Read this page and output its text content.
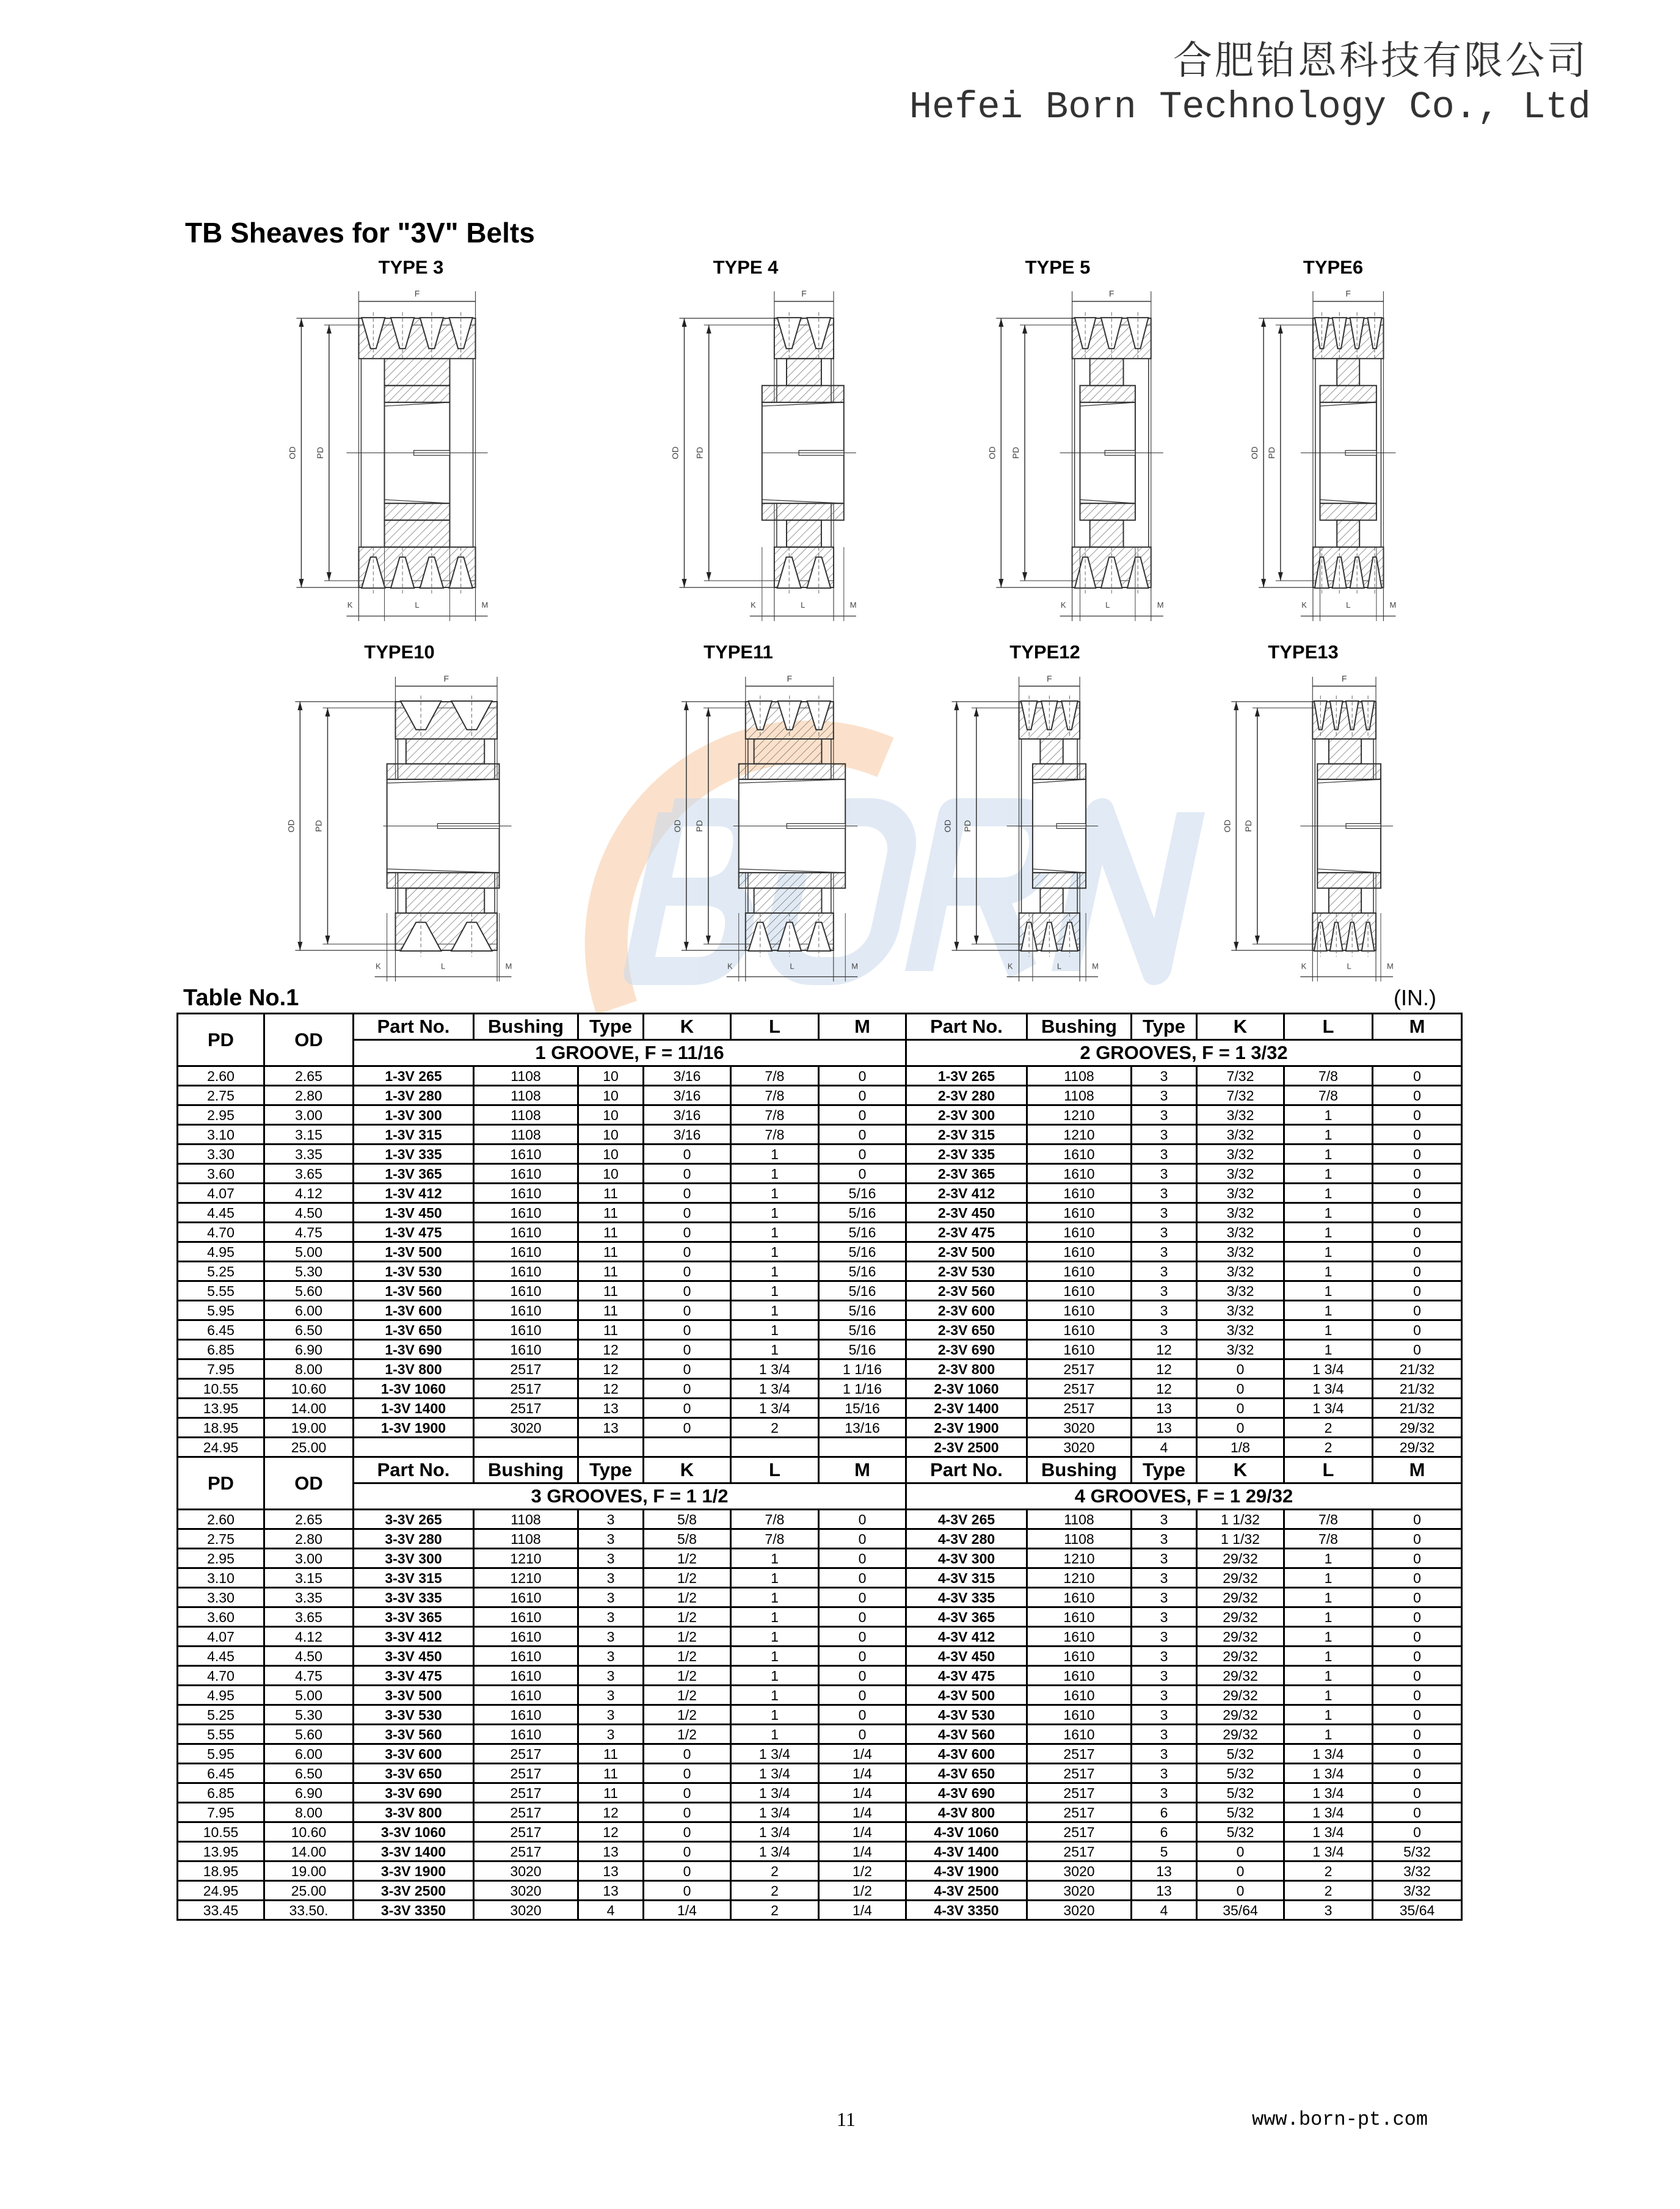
合肥铂恩科技有限公司
Hefei Born Technology Co., Ltd
TB Sheaves for "3V" Belts
TYPE 3	TYPE 4	TYPE 5	TYPE6
TYPE10	TYPE11	TYPE12	TYPE13
F
OD PD
K	L	M
F
OD PD
K	L	M
F
OD PD
K	L	M
F
OD PD
K	L	M
F
OD PD
K	L	M
F
OD PD
K	L	M
F
OD PD
K	L	M
F
OD PD
K	L	M
Table No.1	(IN.)
PD	OD	Part No.	Bushing	Type	K	L	M	Part No.	Bushing	Type	K	L	M
		1 GROOVE, F = 11/16						2 GROOVES, F = 1 3/32					
2.60	2.65	1-3V 265	1108	10	3/16	7/8	0	1-3V 265	1108	3	7/32	7/8	0
2.75	2.80	1-3V 280	1108	10	3/16	7/8	0	2-3V 280	1108	3	7/32	7/8	0
2.95	3.00	1-3V 300	1108	10	3/16	7/8	0	2-3V 300	1210	3	3/32	1	0
3.10	3.15	1-3V 315	1108	10	3/16	7/8	0	2-3V 315	1210	3	3/32	1	0
3.30	3.35	1-3V 335	1610	10	0	1	0	2-3V 335	1610	3	3/32	1	0
3.60	3.65	1-3V 365	1610	10	0	1	0	2-3V 365	1610	3	3/32	1	0
4.07	4.12	1-3V 412	1610	11	0	1	5/16	2-3V 412	1610	3	3/32	1	0
4.45	4.50	1-3V 450	1610	11	0	1	5/16	2-3V 450	1610	3	3/32	1	0
4.70	4.75	1-3V 475	1610	11	0	1	5/16	2-3V 475	1610	3	3/32	1	0
4.95	5.00	1-3V 500	1610	11	0	1	5/16	2-3V 500	1610	3	3/32	1	0
5.25	5.30	1-3V 530	1610	11	0	1	5/16	2-3V 530	1610	3	3/32	1	0
5.55	5.60	1-3V 560	1610	11	0	1	5/16	2-3V 560	1610	3	3/32	1	0
5.95	6.00	1-3V 600	1610	11	0	1	5/16	2-3V 600	1610	3	3/32	1	0
6.45	6.50	1-3V 650	1610	11	0	1	5/16	2-3V 650	1610	3	3/32	1	0
6.85	6.90	1-3V 690	1610	12	0	1	5/16	2-3V 690	1610	12	3/32	1	0
7.95	8.00	1-3V 800	2517	12	0	1 3/4	1 1/16	2-3V 800	2517	12	0	1 3/4	21/32
10.55	10.60	1-3V 1060	2517	12	0	1 3/4	1 1/16	2-3V 1060	2517	12	0	1 3/4	21/32
13.95	14.00	1-3V 1400	2517	13	0	1 3/4	15/16	2-3V 1400	2517	13	0	1 3/4	21/32
18.95	19.00	1-3V 1900	3020	13	0	2	13/16	2-3V 1900	3020	13	0	2	29/32
24.95	25.00							2-3V 2500	3020	4	1/8	2	29/32
PD	OD	Part No.	Bushing	Type	K	L	M	Part No.	Bushing	Type	K	L	M
		3 GROOVES, F = 1 1/2						4 GROOVES, F = 1 29/32					
2.60	2.65	3-3V 265	1108	3	5/8	7/8	0	4-3V 265	1108	3	1 1/32	7/8	0
2.75	2.80	3-3V 280	1108	3	5/8	7/8	0	4-3V 280	1108	3	1 1/32	7/8	0
2.95	3.00	3-3V 300	1210	3	1/2	1	0	4-3V 300	1210	3	29/32	1	0
3.10	3.15	3-3V 315	1210	3	1/2	1	0	4-3V 315	1210	3	29/32	1	0
3.30	3.35	3-3V 335	1610	3	1/2	1	0	4-3V 335	1610	3	29/32	1	0
3.60	3.65	3-3V 365	1610	3	1/2	1	0	4-3V 365	1610	3	29/32	1	0
4.07	4.12	3-3V 412	1610	3	1/2	1	0	4-3V 412	1610	3	29/32	1	0
4.45	4.50	3-3V 450	1610	3	1/2	1	0	4-3V 450	1610	3	29/32	1	0
4.70	4.75	3-3V 475	1610	3	1/2	1	0	4-3V 475	1610	3	29/32	1	0
4.95	5.00	3-3V 500	1610	3	1/2	1	0	4-3V 500	1610	3	29/32	1	0
5.25	5.30	3-3V 530	1610	3	1/2	1	0	4-3V 530	1610	3	29/32	1	0
5.55	5.60	3-3V 560	1610	3	1/2	1	0	4-3V 560	1610	3	29/32	1	0
5.95	6.00	3-3V 600	2517	11	0	1 3/4	1/4	4-3V 600	2517	3	5/32	1 3/4	0
6.45	6.50	3-3V 650	2517	11	0	1 3/4	1/4	4-3V 650	2517	3	5/32	1 3/4	0
6.85	6.90	3-3V 690	2517	11	0	1 3/4	1/4	4-3V 690	2517	3	5/32	1 3/4	0
7.95	8.00	3-3V 800	2517	12	0	1 3/4	1/4	4-3V 800	2517	6	5/32	1 3/4	0
10.55	10.60	3-3V 1060	2517	12	0	1 3/4	1/4	4-3V 1060	2517	6	5/32	1 3/4	0
13.95	14.00	3-3V 1400	2517	13	0	1 3/4	1/4	4-3V 1400	2517	5	0	1 3/4	5/32
18.95	19.00	3-3V 1900	3020	13	0	2	1/2	4-3V 1900	3020	13	0	2	3/32
24.95	25.00	3-3V 2500	3020	13	0	2	1/2	4-3V 2500	3020	13	0	2	3/32
33.45	33.50.	3-3V 3350	3020	4	1/4	2	1/4	4-3V 3350	3020	4	35/64	3	35/64
11	www.born-pt.com
